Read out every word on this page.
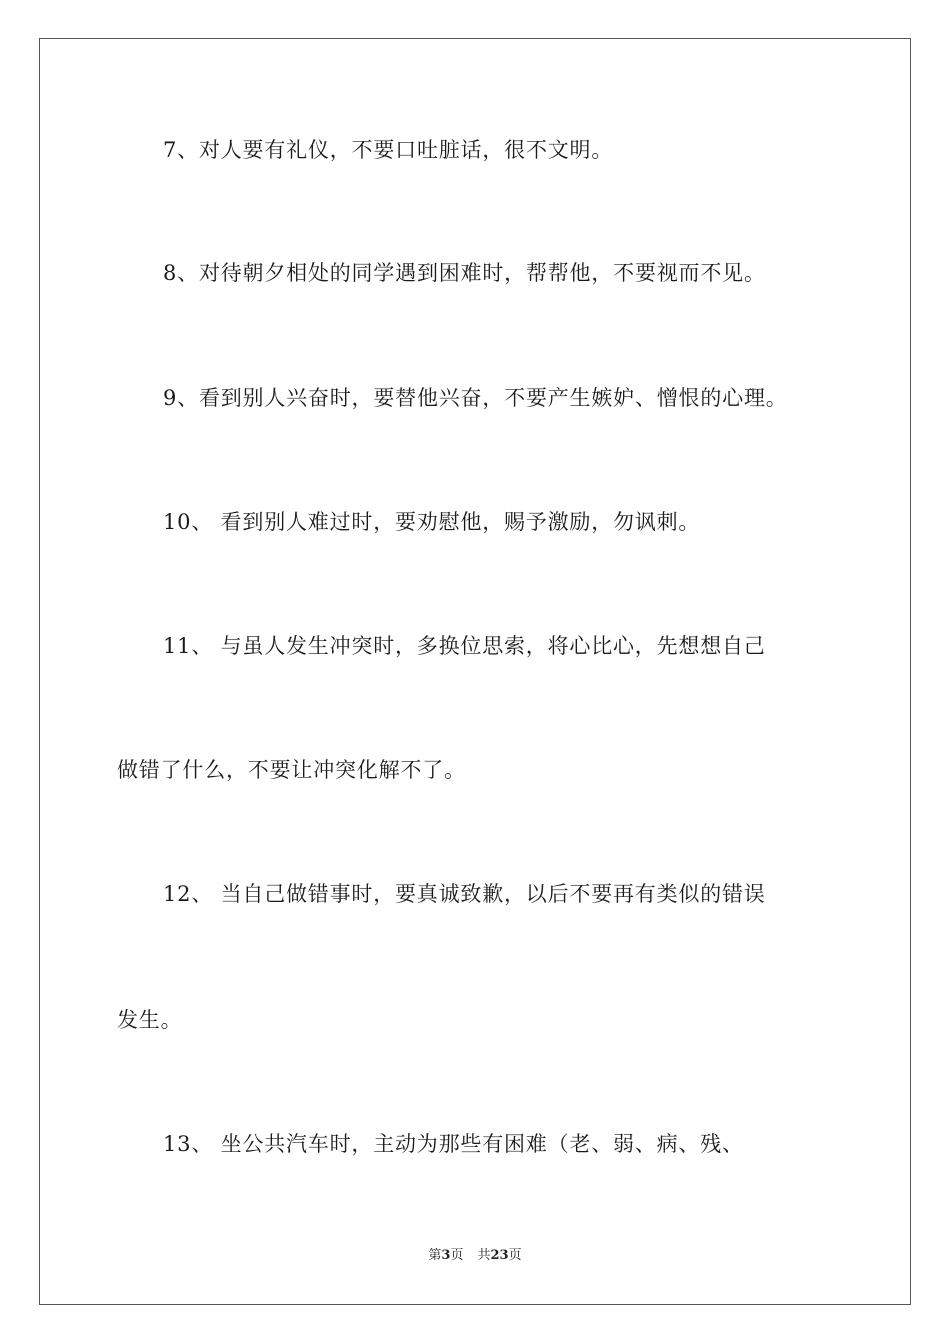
7、对人要有礼仪，不要口吐脏话，很不文明。
8、对待朝夕相处的同学遇到困难时，帮帮他，不要视而不见。
9、看到别人兴奋时，要替他兴奋，不要产生嫉妒、憎恨的心理。
10、 看到别人难过时，要劝慰他，赐予激励，勿讽刺。
11、 与虽人发生冲突时，多换位思索，将心比心，先想想自己
做错了什么，不要让冲突化解不了。
12、 当自己做错事时，要真诚致歉，以后不要再有类似的错误
发生。
13、 坐公共汽车时，主动为那些有困难（老、弱、病、残、
第3页 共23页
